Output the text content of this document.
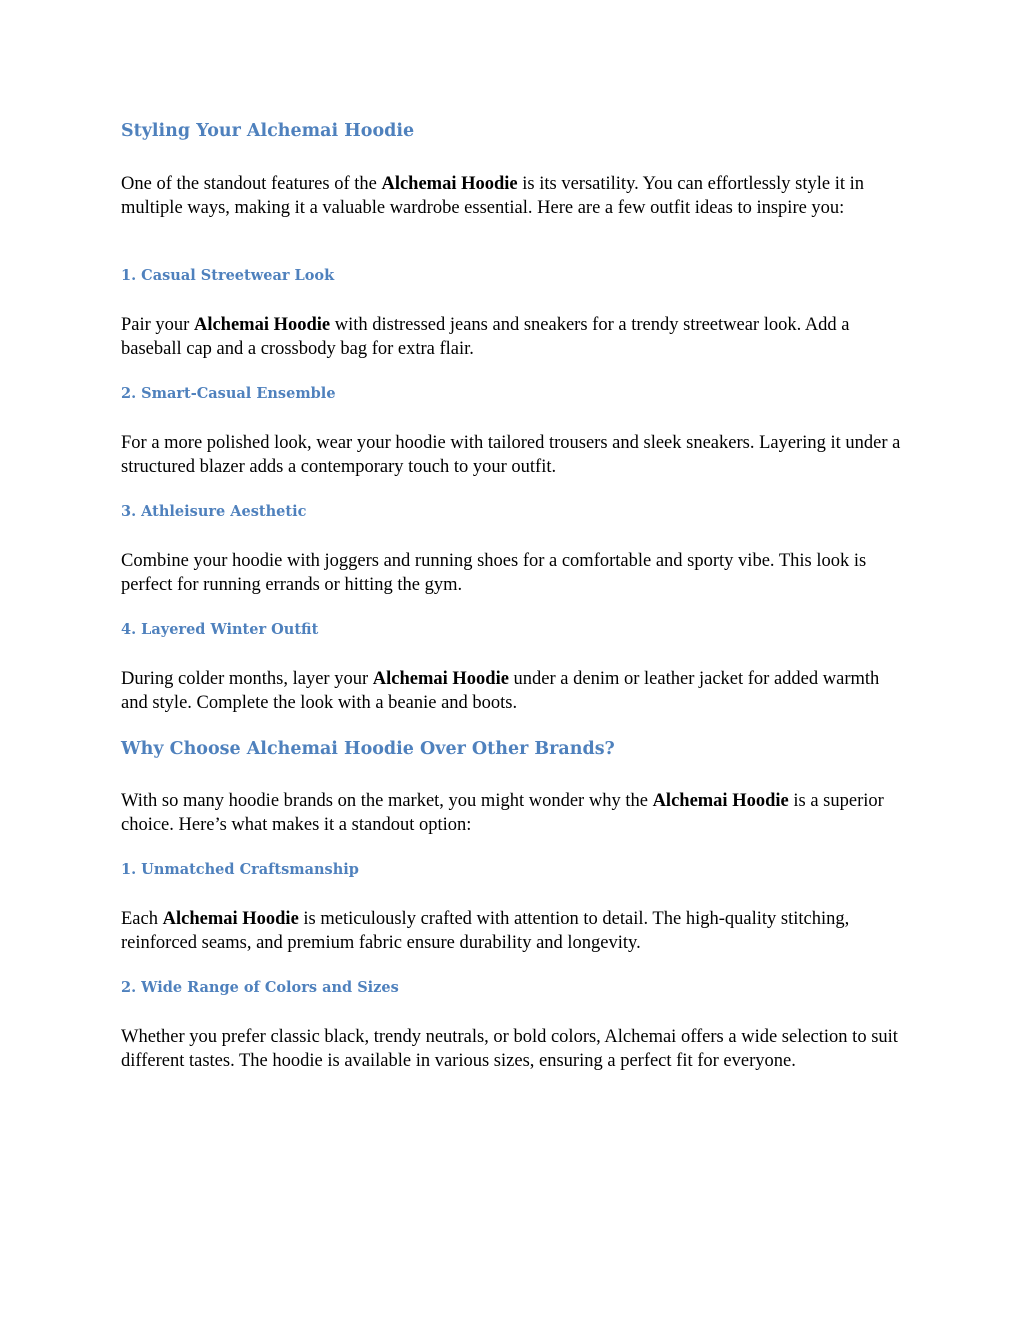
Styling Your Alchemai Hoodie

One of the standout features of the Alchemai Hoodie is its versatility. You can effortlessly style it in multiple ways, making it a valuable wardrobe essential. Here are a few outfit ideas to inspire you:

1. Casual Streetwear Look

Pair your Alchemai Hoodie with distressed jeans and sneakers for a trendy streetwear look. Add a baseball cap and a crossbody bag for extra flair.

2. Smart-Casual Ensemble

For a more polished look, wear your hoodie with tailored trousers and sleek sneakers. Layering it under a structured blazer adds a contemporary touch to your outfit.

3. Athleisure Aesthetic

Combine your hoodie with joggers and running shoes for a comfortable and sporty vibe. This look is perfect for running errands or hitting the gym.

4. Layered Winter Outfit

During colder months, layer your Alchemai Hoodie under a denim or leather jacket for added warmth and style. Complete the look with a beanie and boots.

Why Choose Alchemai Hoodie Over Other Brands?

With so many hoodie brands on the market, you might wonder why the Alchemai Hoodie is a superior choice. Here’s what makes it a standout option:

1. Unmatched Craftsmanship

Each Alchemai Hoodie is meticulously crafted with attention to detail. The high-quality stitching, reinforced seams, and premium fabric ensure durability and longevity.

2. Wide Range of Colors and Sizes

Whether you prefer classic black, trendy neutrals, or bold colors, Alchemai offers a wide selection to suit different tastes. The hoodie is available in various sizes, ensuring a perfect fit for everyone.
